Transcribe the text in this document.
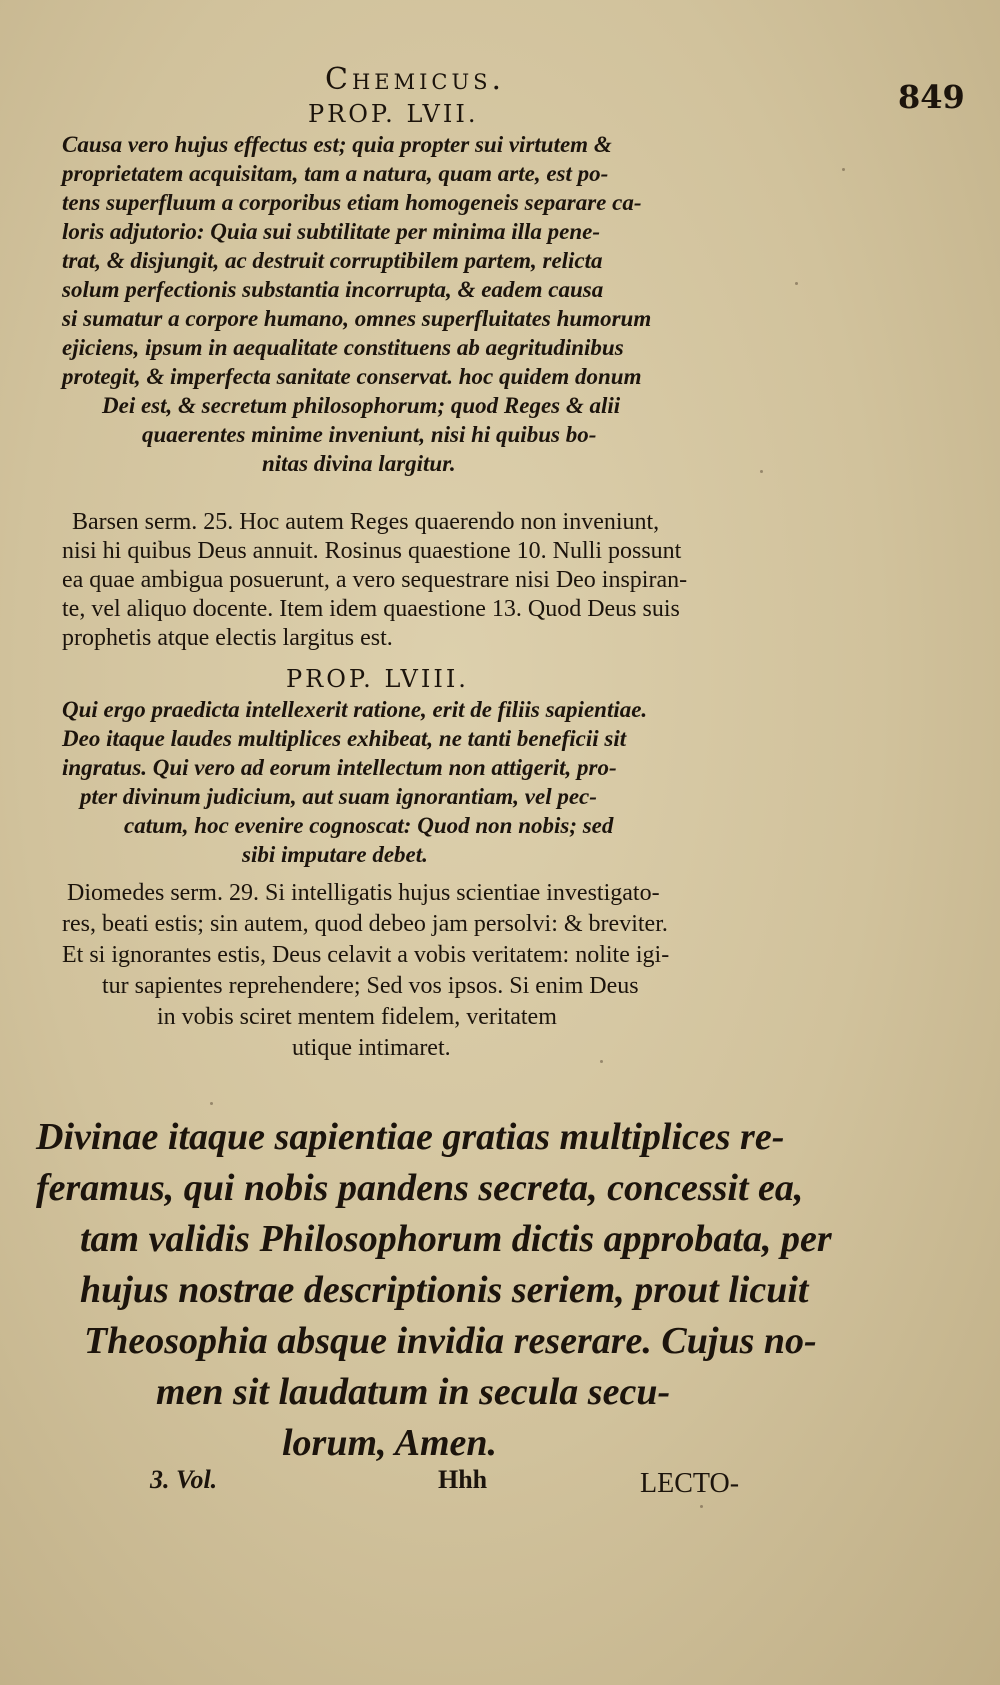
Chemicus.	849
PROP. LVII.
Causa vero hujus effectus est; quia propter sui virtutem &
proprietatem acquisitam, tam a natura, quam arte, est po-
tens superfluum a corporibus etiam homogeneis separare ca-
loris adjutorio: Quia sui subtilitate per minima illa pene-
trat, & disjungit, ac destruit corruptibilem partem, relicta
solum perfectionis substantia incorrupta, & eadem causa
si sumatur a corpore humano, omnes superfluitates humorum
ejiciens, ipsum in aequalitate constituens ab aegritudinibus
protegit, & imperfecta sanitate conservat. hoc quidem donum
Dei est, & secretum philosophorum; quod Reges & alii
quaerentes minime inveniunt, nisi hi quibus bo-
nitas divina largitur.
Barsen serm. 25. Hoc autem Reges quaerendo non inveniunt,
nisi hi quibus Deus annuit. Rosinus quaestione 10. Nulli possunt
ea quae ambigua posuerunt, a vero sequestrare nisi Deo inspiran-
te, vel aliquo docente. Item idem quaestione 13. Quod Deus suis
prophetis atque electis largitus est.
PROP. LVIII.
Qui ergo praedicta intellexerit ratione, erit de filiis sapientiae.
Deo itaque laudes multiplices exhibeat, ne tanti beneficii sit
ingratus. Qui vero ad eorum intellectum non attigerit, pro-
pter divinum judicium, aut suam ignorantiam, vel pec-
catum, hoc evenire cognoscat: Quod non nobis; sed
sibi imputare debet.
Diomedes serm. 29. Si intelligatis hujus scientiae investigato-
res, beati estis; sin autem, quod debeo jam persolvi: & breviter.
Et si ignorantes estis, Deus celavit a vobis veritatem: nolite igi-
tur sapientes reprehendere; Sed vos ipsos. Si enim Deus
in vobis sciret mentem fidelem, veritatem
utique intimaret.
Divinae itaque sapientiae gratias multiplices re-
feramus, qui nobis pandens secreta, concessit ea,
tam validis Philosophorum dictis approbata, per
hujus nostrae descriptionis seriem, prout licuit
Theosophia absque invidia reserare. Cujus no-
men sit laudatum in secula secu-
lorum, Amen.
3. Vol.	Hhh	LECTO-
